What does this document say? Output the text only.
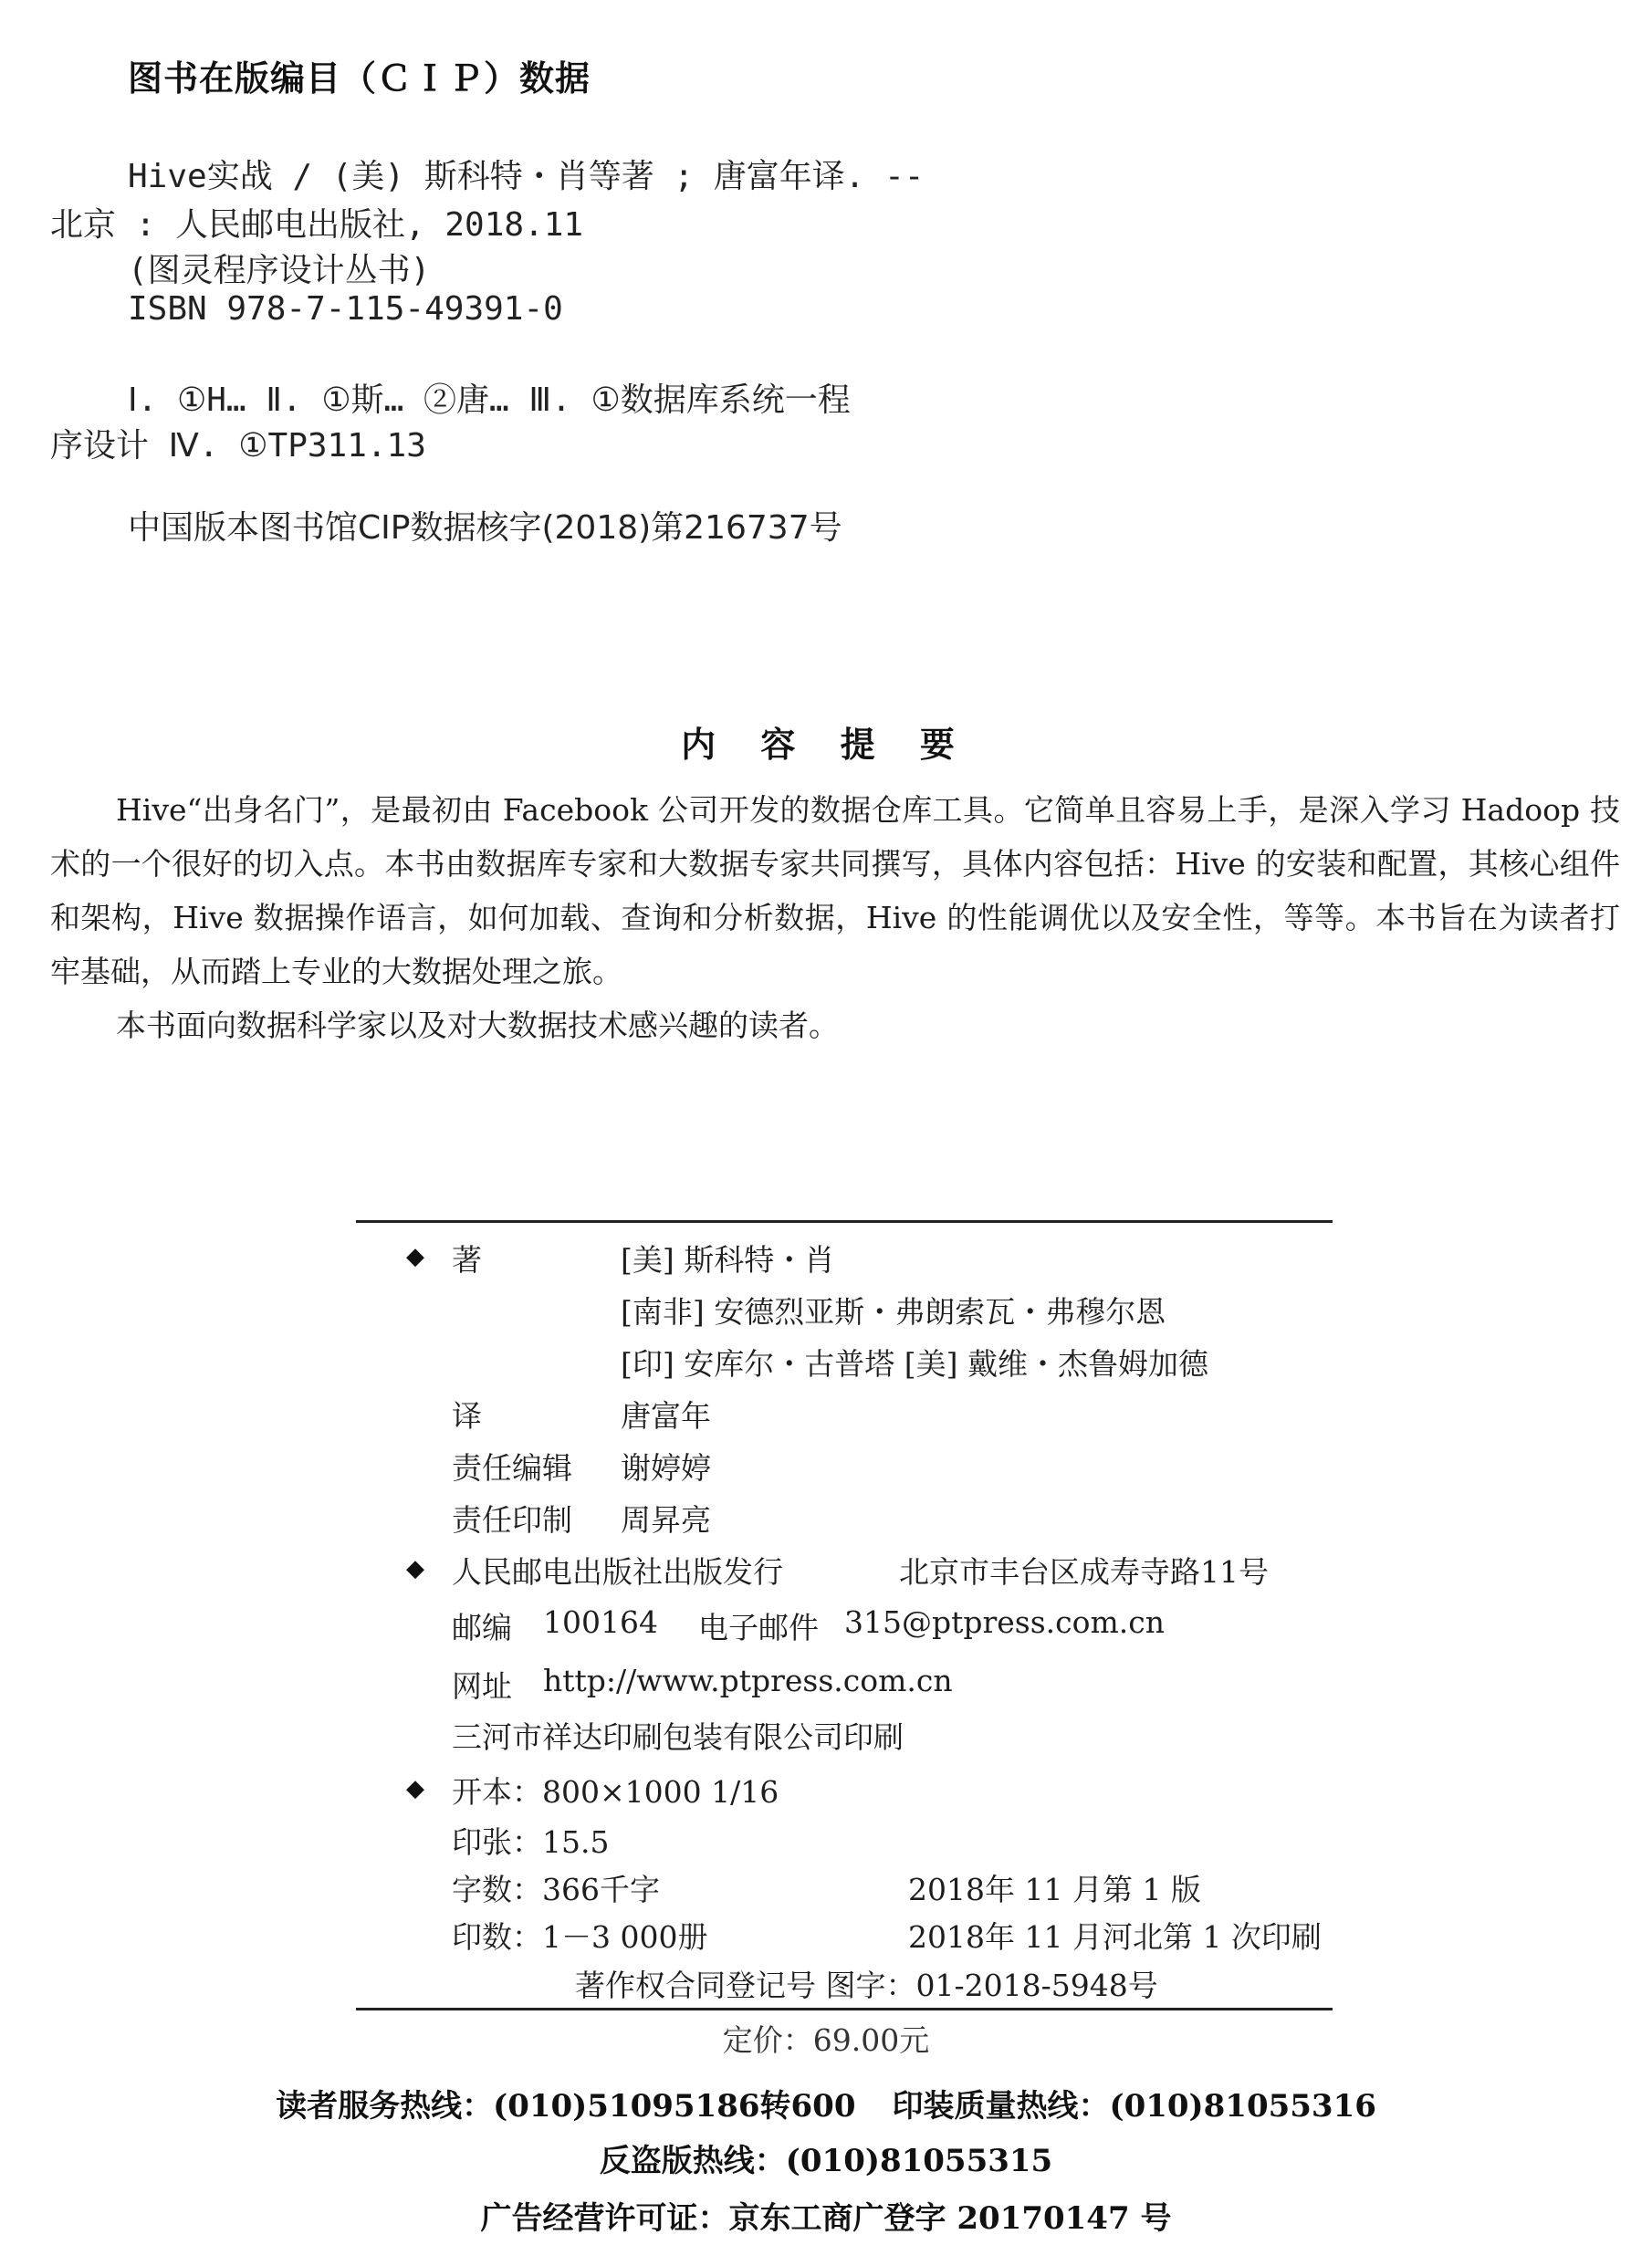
图书在版编目（ＣＩＰ）数据
Hive实战 / (美) 斯科特・肖等著 ; 唐富年译. --
北京 : 人民邮电出版社, 2018.11
(图灵程序设计丛书)
ISBN 978-7-115-49391-0
Ⅰ. ①H… Ⅱ. ①斯… ②唐… Ⅲ. ①数据库系统一程
序设计 Ⅳ. ①TP311.13
中国版本图书馆CIP数据核字(2018)第216737号
内 容 提 要

Hive“出身名门”，是最初由 Facebook 公司开发的数据仓库工具。它简单且容易上手，是深入学习 Hadoop 技术的一个很好的切入点。本书由数据库专家和大数据专家共同撰写，具体内容包括：Hive 的安装和配置，其核心组件和架构，Hive 数据操作语言，如何加载、查询和分析数据，Hive 的性能调优以及安全性，等等。本书旨在为读者打牢基础，从而踏上专业的大数据处理之旅。

本书面向数据科学家以及对大数据技术感兴趣的读者。

◆ 著	[美] 斯科特・肖
[南非] 安德烈亚斯・弗朗索瓦・弗穆尔恩
[印] 安库尔・古普塔 [美] 戴维・杰鲁姆加德
译	唐富年
责任编辑 谢婷婷
责任印制 周昇亮
◆ 人民邮电出版社出版发行	北京市丰台区成寿寺路11号
邮编 100164 电子邮件 315@ptpress.com.cn
网址 http://www.ptpress.com.cn
三河市祥达印刷包装有限公司印刷
◆ 开本：800×1000 1/16
印张：15.5
字数：366千字	2018年 11 月第 1 版
印数：1－3 000册	2018年 11 月河北第 1 次印刷
著作权合同登记号 图字：01-2018-5948号
定价：69.00元
读者服务热线：(010)51095186转600 印装质量热线：(010)81055316
反盗版热线：(010)81055315
广告经营许可证：京东工商广登字 20170147 号
